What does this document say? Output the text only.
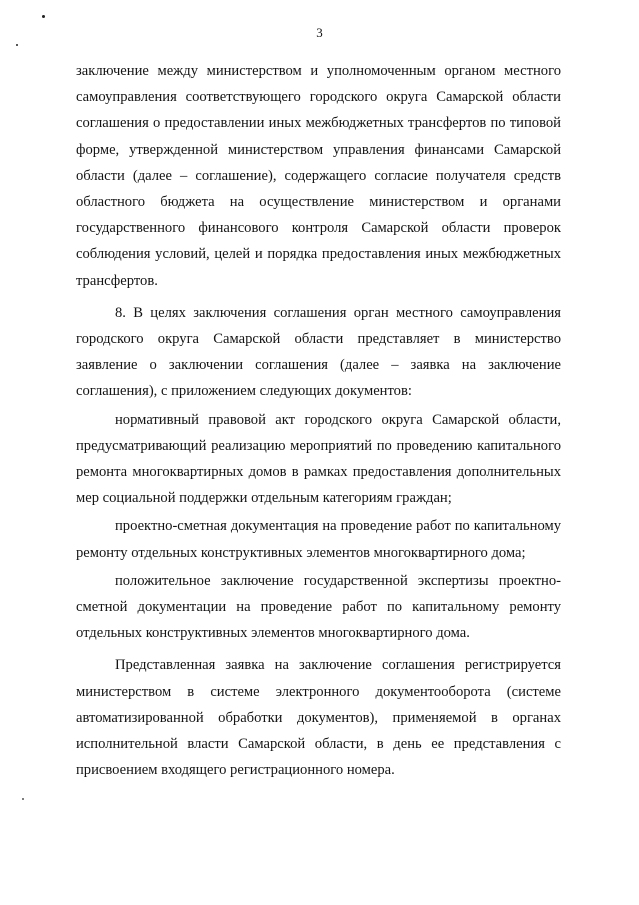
3

заключение между министерством и уполномоченным органом местного самоуправления соответствующего городского округа Самарской области соглашения о предоставлении иных межбюджетных трансфертов по типовой форме, утвержденной министерством управления финансами Самарской области (далее – соглашение), содержащего согласие получателя средств областного бюджета на осуществление министерством и органами государственного финансового контроля Самарской области проверок соблюдения условий, целей и порядка предоставления иных межбюджетных трансфертов.

8. В целях заключения соглашения орган местного самоуправления городского округа Самарской области представляет в министерство заявление о заключении соглашения (далее – заявка на заключение соглашения), с приложением следующих документов:

нормативный правовой акт городского округа Самарской области, предусматривающий реализацию мероприятий по проведению капитального ремонта многоквартирных домов в рамках предоставления дополнительных мер социальной поддержки отдельным категориям граждан;

проектно-сметная документация на проведение работ по капитальному ремонту отдельных конструктивных элементов многоквартирного дома;

положительное заключение государственной экспертизы проектно-сметной документации на проведение работ по капитальному ремонту отдельных конструктивных элементов многоквартирного дома.

Представленная заявка на заключение соглашения регистрируется министерством в системе электронного документооборота (системе автоматизированной обработки документов), применяемой в органах исполнительной власти Самарской области, в день ее представления с присвоением входящего регистрационного номера.
